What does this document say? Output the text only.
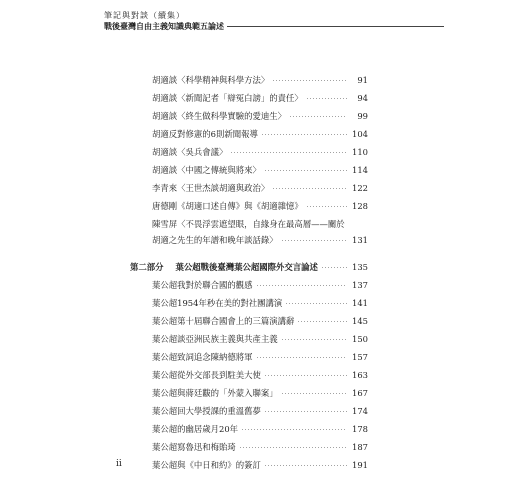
筆記與對談（續集）
戰後臺灣自由主義知識典範五論述
胡適談〈科學精神與科學方法〉	91
胡適談〈新聞記者「辯冤白謗」的責任〉	94
胡適談〈終生做科學實驗的愛迪生〉	99
胡適反對修憲的6則新聞報導	104
胡適談〈吳兵會議〉	110
胡適談〈中國之傳統與將來〉	114
李青來〈王世杰談胡適與政治〉	122
唐德剛《胡適口述自傳》與《胡適雜憶》	128
陳雪屏〈不畏浮雲遮望眼，自緣身在最高層——關於
胡適之先生的年譜和晚年談話錄〉	131
第二部分 葉公超戰後臺灣葉公超國際外交言論述	135
葉公超我對於聯合國的觀感	137
葉公超1954年秒在美的對社團講演	141
葉公超第十屆聯合國會上的三篇演講辭	145
葉公超談亞洲民族主義與共產主義	150
葉公超致詞追念陳納德將軍	157
葉公超從外交部長到駐美大使	163
葉公超與蔣廷黻的「外蒙入聯案」	167
葉公超回大學授課的重溫舊夢	174
葉公超的幽居歲月20年	178
葉公超寫魯迅和梅貽琦	187
葉公超與《中日和約》的簽訂	191
ii
